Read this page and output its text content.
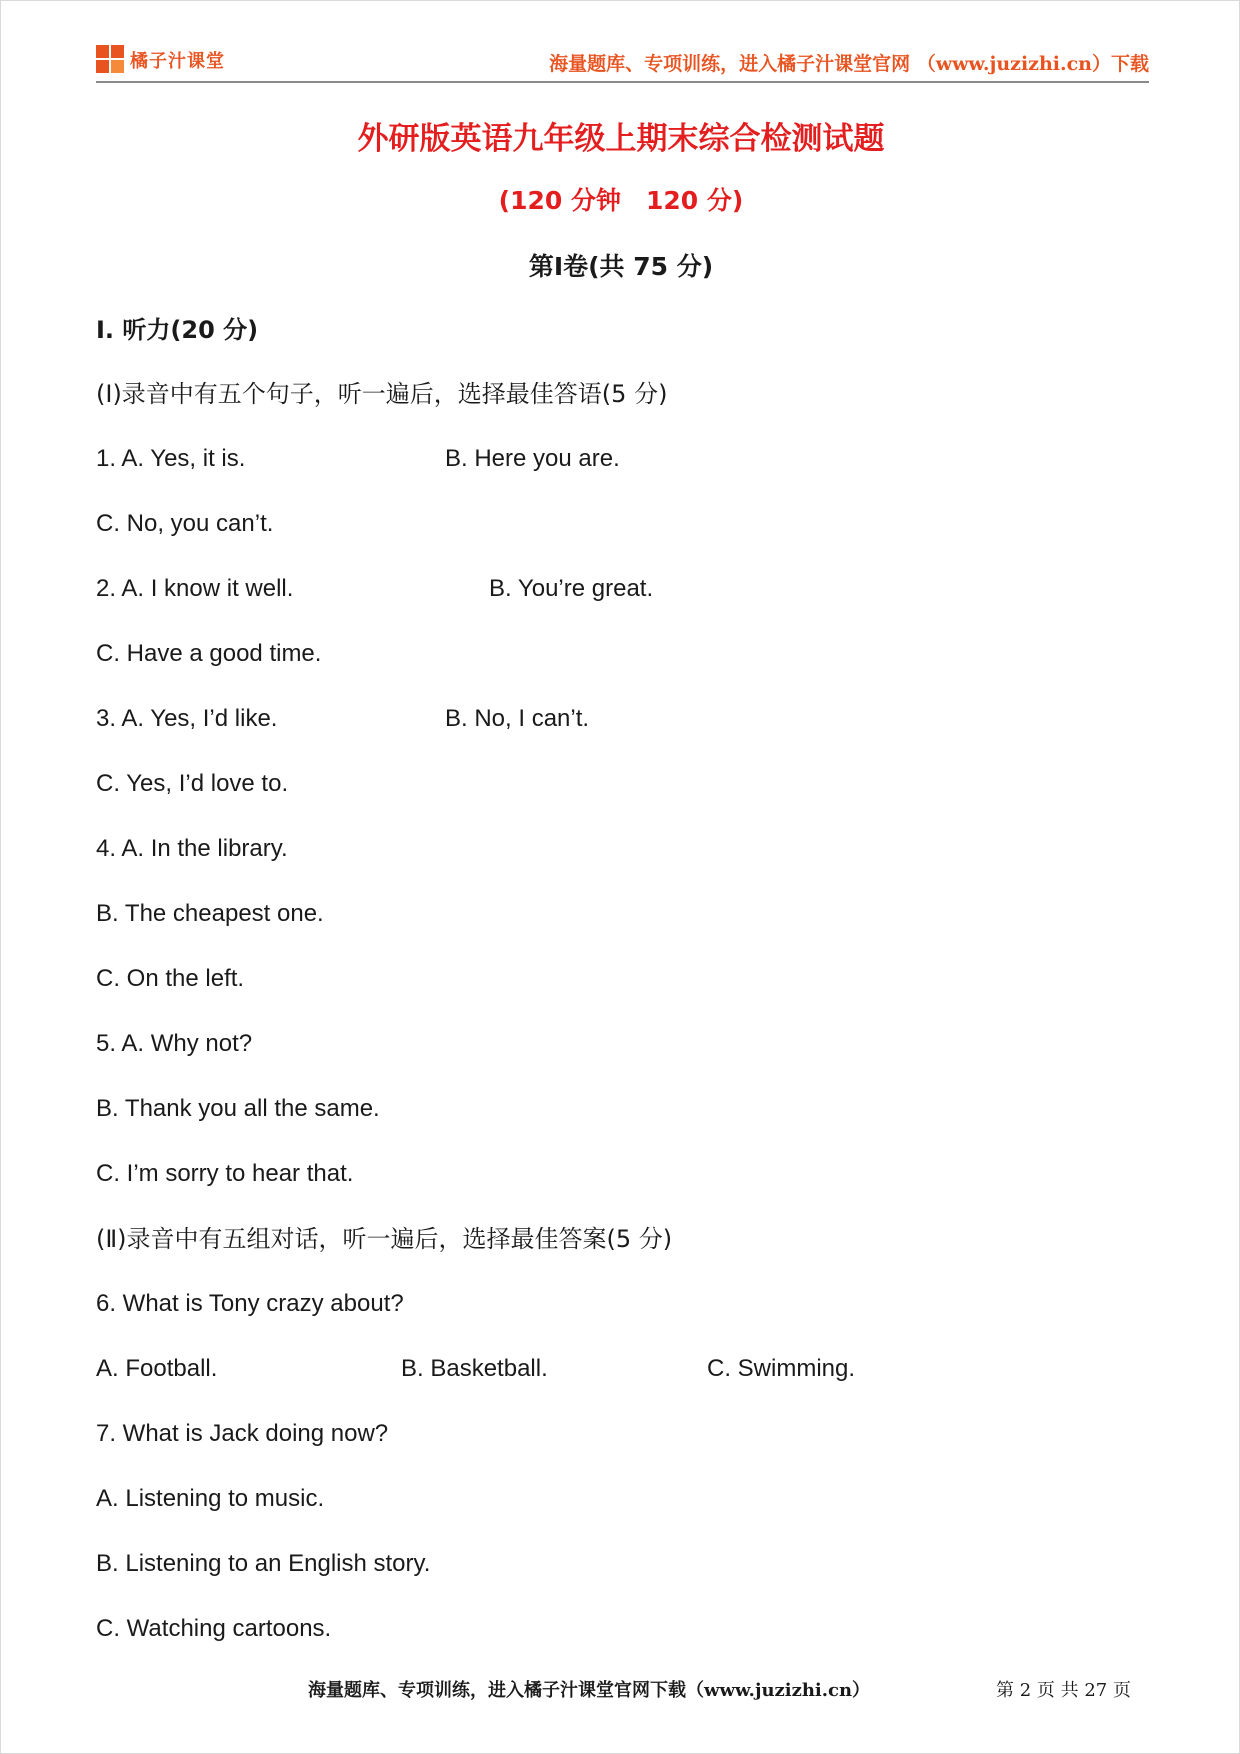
橘子汁课堂	海量题库、专项训练，进入橘子汁课堂官网 （www.juzizhi.cn）下载
外研版英语九年级上期末综合检测试题
(120 分钟　120 分)
第Ⅰ卷(共 75 分)
Ⅰ. 听力(20 分)
(Ⅰ)录音中有五个句子，听一遍后，选择最佳答语(5 分)
1. A. Yes, it is.	B. Here you are.
C. No, you can’t.
2. A. I know it well.	B. You’re great.
C. Have a good time.
3. A. Yes, I’d like.	B. No, I can’t.
C. Yes, I’d love to.
4. A. In the library.
B. The cheapest one.
C. On the left.
5. A. Why not?
B. Thank you all the same.
C. I’m sorry to hear that.
(Ⅱ)录音中有五组对话，听一遍后，选择最佳答案(5 分)
6. What is Tony crazy about?
A. Football.	B. Basketball.	C. Swimming.
7. What is Jack doing now?
A. Listening to music.
B. Listening to an English story.
C. Watching cartoons.
海量题库、专项训练，进入橘子汁课堂官网下载（www.juzizhi.cn）	第 2 页 共 27 页
